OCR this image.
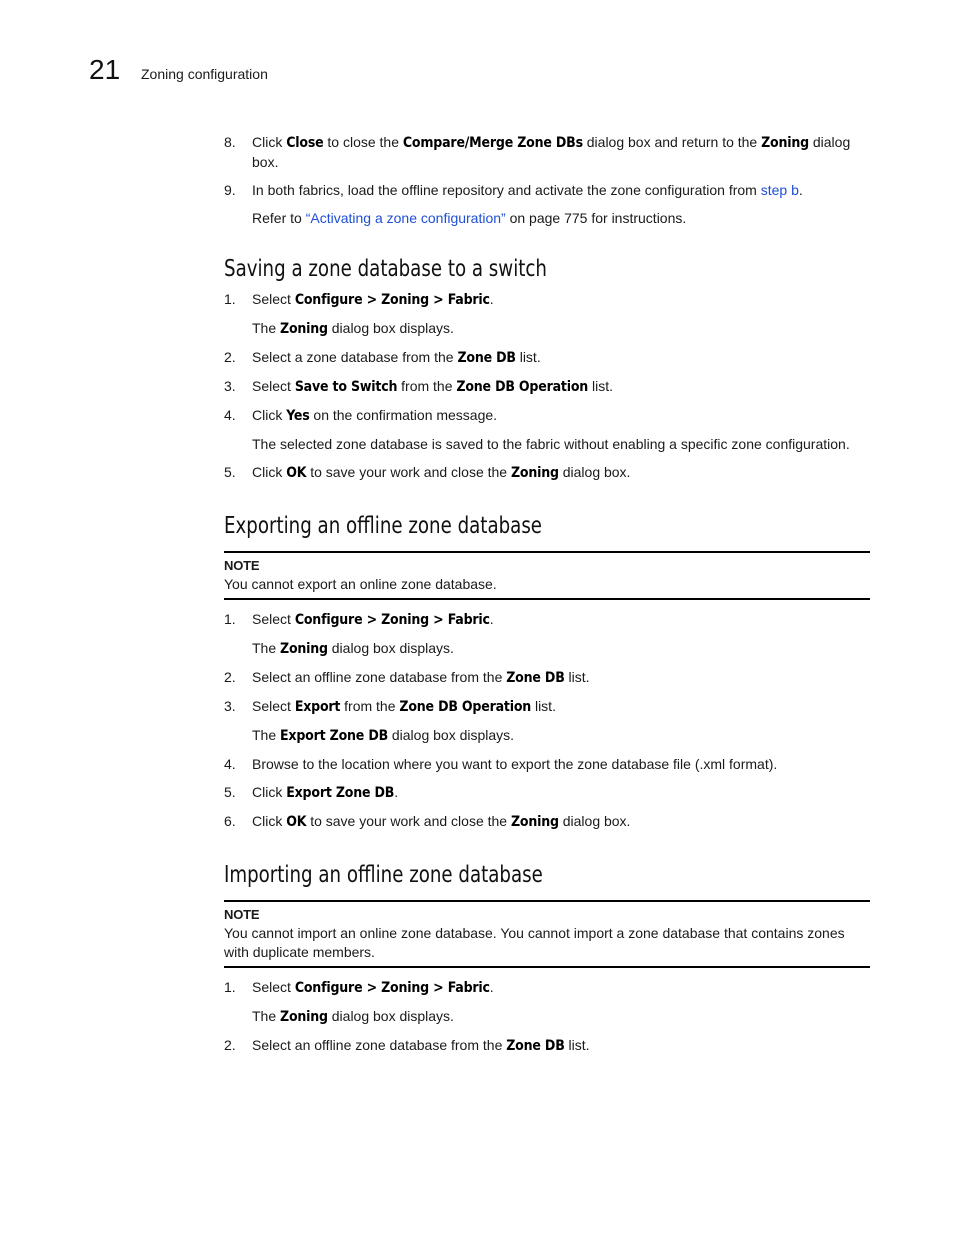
21 Zoning configuration
8. Click Close to close the Compare/Merge Zone DBs dialog box and return to the Zoning dialog box.
9. In both fabrics, load the offline repository and activate the zone configuration from step b.
Refer to “Activating a zone configuration” on page 775 for instructions.
Saving a zone database to a switch
1. Select Configure > Zoning > Fabric.
The Zoning dialog box displays.
2. Select a zone database from the Zone DB list.
3. Select Save to Switch from the Zone DB Operation list.
4. Click Yes on the confirmation message.
The selected zone database is saved to the fabric without enabling a specific zone configuration.
5. Click OK to save your work and close the Zoning dialog box.
Exporting an offline zone database
NOTE
You cannot export an online zone database.
1. Select Configure > Zoning > Fabric.
The Zoning dialog box displays.
2. Select an offline zone database from the Zone DB list.
3. Select Export from the Zone DB Operation list.
The Export Zone DB dialog box displays.
4. Browse to the location where you want to export the zone database file (.xml format).
5. Click Export Zone DB.
6. Click OK to save your work and close the Zoning dialog box.
Importing an offline zone database
NOTE
You cannot import an online zone database. You cannot import a zone database that contains zones with duplicate members.
1. Select Configure > Zoning > Fabric.
The Zoning dialog box displays.
2. Select an offline zone database from the Zone DB list.
